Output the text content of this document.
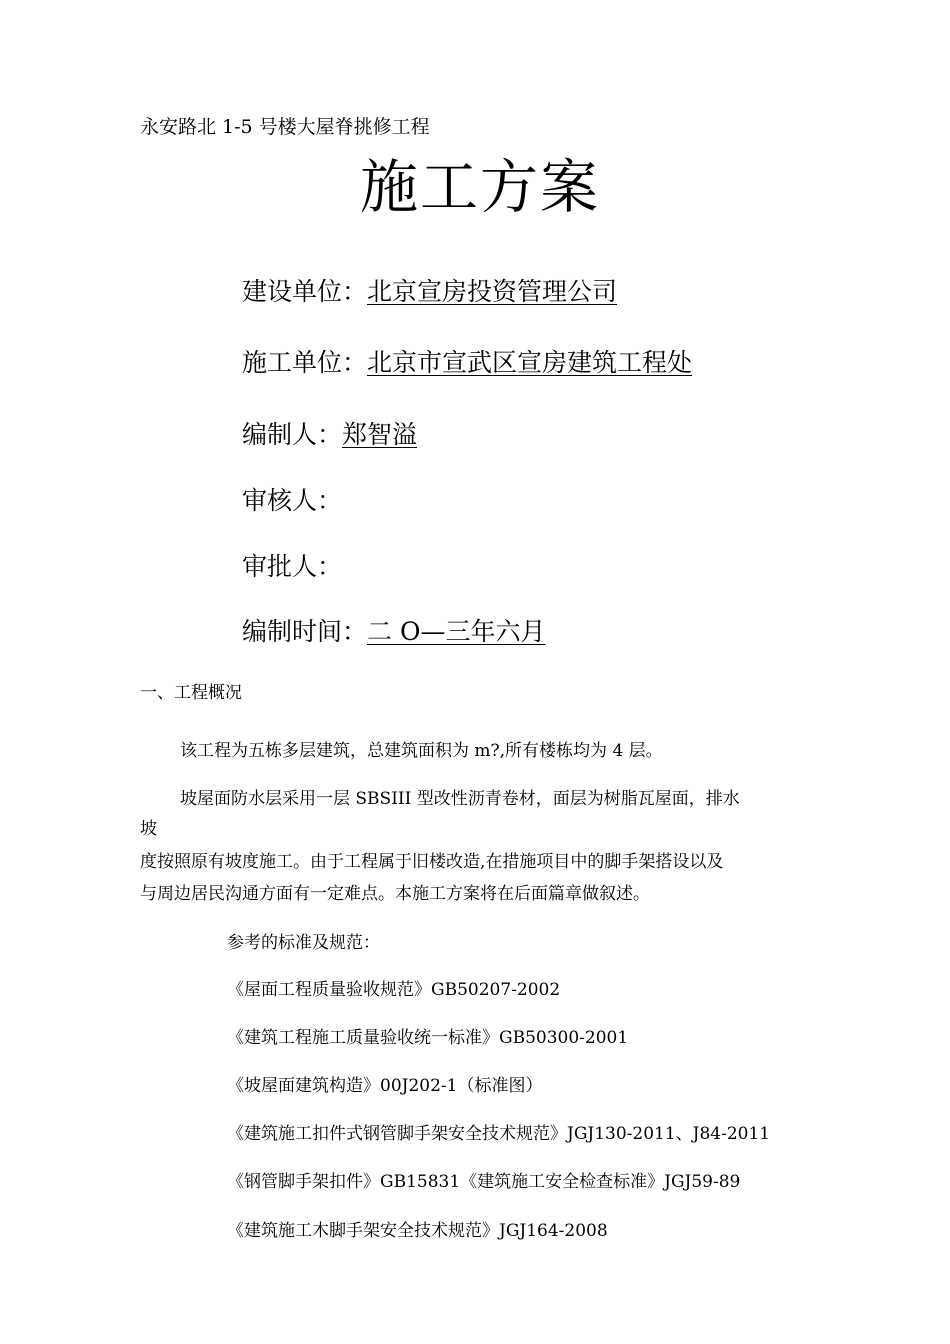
永安路北 1-5 号楼大屋脊挑修工程
施工方案
建设单位：北京宣房投资管理公司
施工单位：北京市宣武区宣房建筑工程处
编制人：郑智溢
审核人：
审批人：
编制时间：二 O—三年六月
一、工程概况
该工程为五栋多层建筑，总建筑面积为 m?,所有楼栋均为 4 层。
坡屋面防水层采用一层 SBSIII 型改性沥青卷材，面层为树脂瓦屋面，排水
坡
度按照原有坡度施工。由于工程属于旧楼改造,在措施项目中的脚手架搭设以及
与周边居民沟通方面有一定难点。本施工方案将在后面篇章做叙述。
参考的标准及规范：
《屋面工程质量验收规范》GB50207-2002
《建筑工程施工质量验收统一标准》GB50300-2001
《坡屋面建筑构造》00J202-1（标准图）
《建筑施工扣件式钢管脚手架安全技术规范》JGJ130-2011、J84-2011
《钢管脚手架扣件》GB15831《建筑施工安全检查标准》JGJ59-89
《建筑施工木脚手架安全技术规范》JGJ164-2008
